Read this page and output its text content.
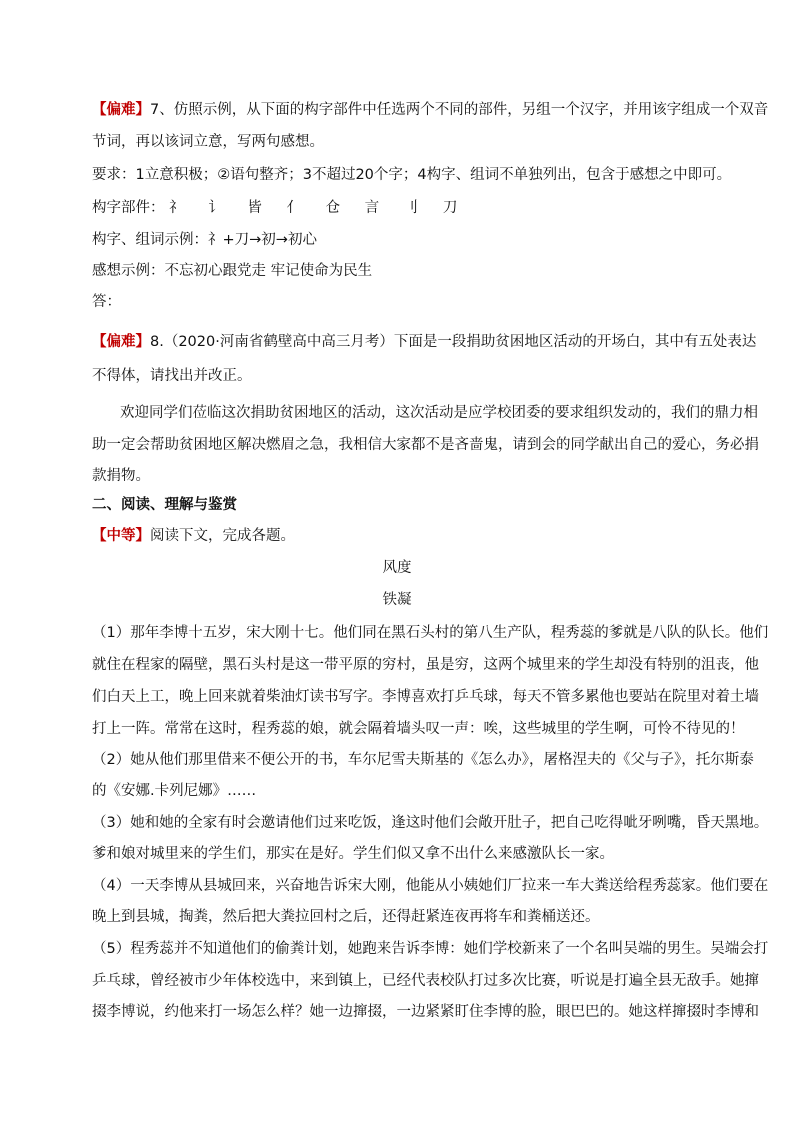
【偏难】7、仿照示例，从下面的构字部件中任选两个不同的部件，另组一个汉字，并用该字组成一个双音
节词，再以该词立意，写两句感想。
要求：1立意积极；②语句整齐；3不超过20个字；4构字、组词不单独列出，包含于感想之中即可。
构字部件： 礻 讠 皆 亻 仓 言 刂 刀
构字、组词示例：礻+刀→初→初心
感想示例：不忘初心跟党走 牢记使命为民生
答：
【偏难】8.（2020·河南省鹤壁高中高三月考）下面是一段捐助贫困地区活动的开场白，其中有五处表达
不得体，请找出并改正。
欢迎同学们莅临这次捐助贫困地区的活动，这次活动是应学校团委的要求组织发动的，我们的鼎力相
助一定会帮助贫困地区解决燃眉之急，我相信大家都不是吝啬鬼，请到会的同学献出自己的爱心，务必捐
款捐物。
二、阅读、理解与鉴赏
【中等】阅读下文，完成各题。
风度
铁凝
（1）那年李博十五岁，宋大刚十七。他们同在黑石头村的第八生产队，程秀蕊的爹就是八队的队长。他们
就住在程家的隔壁，黑石头村是这一带平原的穷村，虽是穷，这两个城里来的学生却没有特别的沮丧，他
们白天上工，晚上回来就着柴油灯读书写字。李博喜欢打乒乓球，每天不管多累他也要站在院里对着土墙
打上一阵。常常在这时，程秀蕊的娘，就会隔着墙头叹一声：唉，这些城里的学生啊，可怜不待见的！
（2）她从他们那里借来不便公开的书，车尔尼雪夫斯基的《怎么办》，屠格涅夫的《父与子》，托尔斯泰
的《安娜.卡列尼娜》……
（3）她和她的全家有时会邀请他们过来吃饭，逢这时他们会敞开肚子，把自己吃得呲牙咧嘴，昏天黑地。
爹和娘对城里来的学生们，那实在是好。学生们似又拿不出什么来感激队长一家。
（4）一天李博从县城回来，兴奋地告诉宋大刚，他能从小姨她们厂拉来一车大粪送给程秀蕊家。他们要在
晚上到县城，掏粪，然后把大粪拉回村之后，还得赶紧连夜再将车和粪桶送还。
（5）程秀蕊并不知道他们的偷粪计划，她跑来告诉李博：她们学校新来了一个名叫吴端的男生。吴端会打
乒乓球，曾经被市少年体校选中，来到镇上，已经代表校队打过多次比赛，听说是打遍全县无敌手。她撺
掇李博说，约他来打一场怎么样？她一边撺掇，一边紧紧盯住李博的脸，眼巴巴的。她这样撺掇时李博和
